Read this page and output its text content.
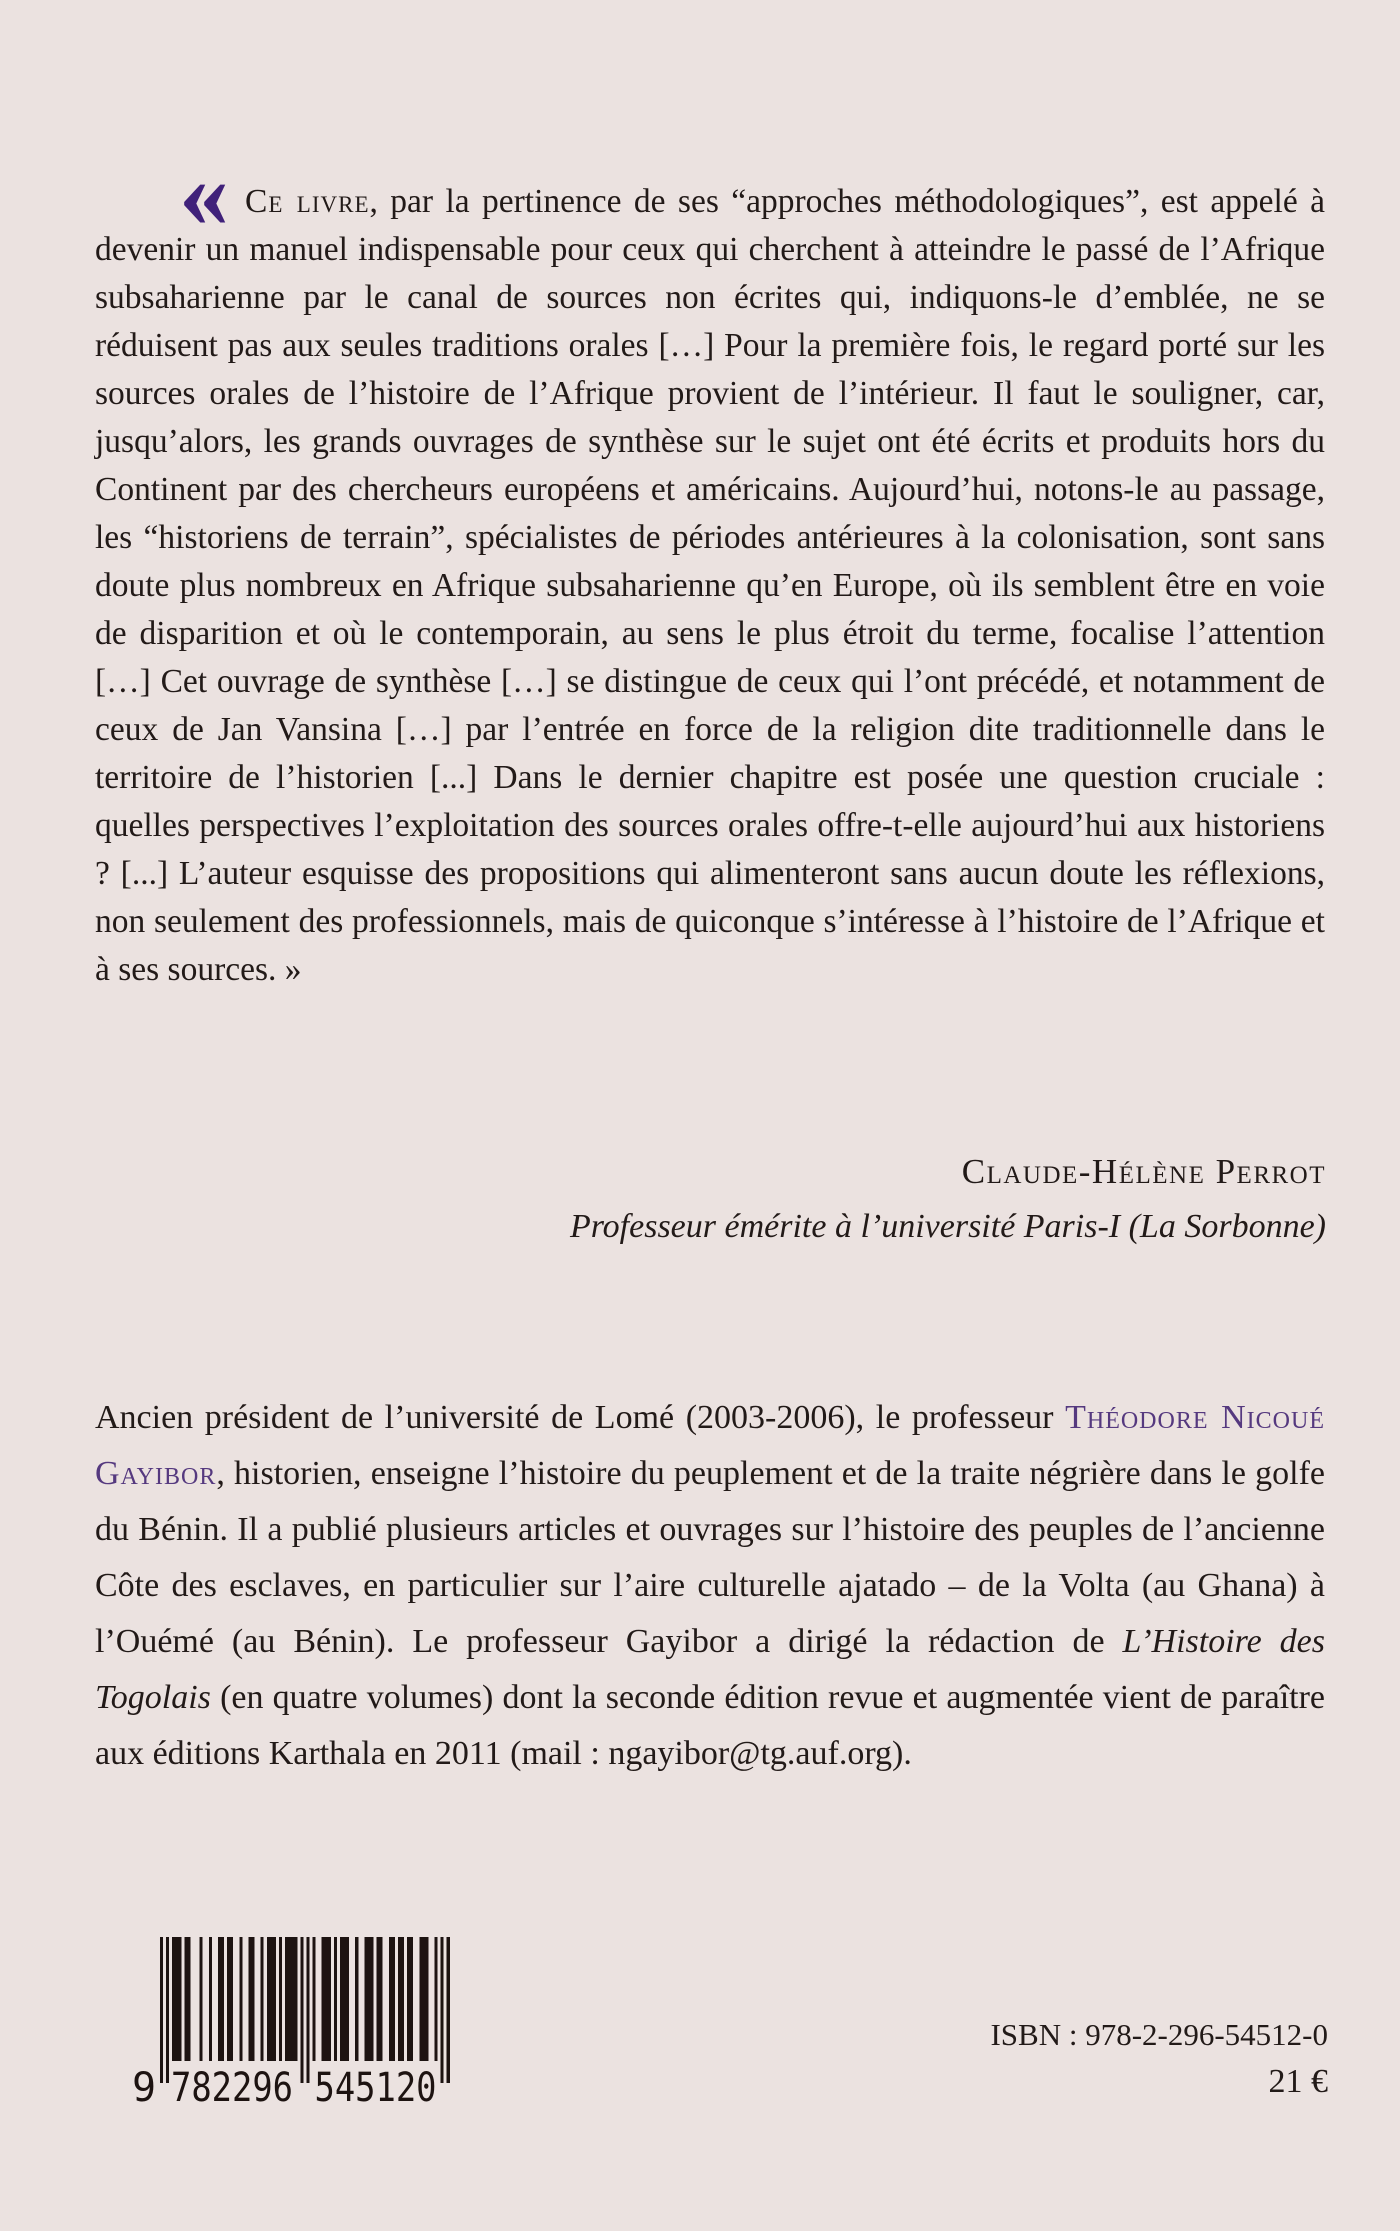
« Ce livre, par la pertinence de ses “approches méthodologiques”, est appelé à devenir un manuel indispensable pour ceux qui cherchent à atteindre le passé de l’Afrique subsaharienne par le canal de sources non écrites qui, indiquons-le d’emblée, ne se réduisent pas aux seules traditions orales […] Pour la première fois, le regard porté sur les sources orales de l’histoire de l’Afrique provient de l’intérieur. Il faut le souligner, car, jusqu’alors, les grands ouvrages de synthèse sur le sujet ont été écrits et produits hors du Continent par des chercheurs européens et américains. Aujourd’hui, notons-le au passage, les “historiens de terrain”, spécialistes de périodes antérieures à la colonisation, sont sans doute plus nombreux en Afrique subsaharienne qu’en Europe, où ils semblent être en voie de disparition et où le contemporain, au sens le plus étroit du terme, focalise l’attention […] Cet ouvrage de synthèse […] se distingue de ceux qui l’ont précédé, et notamment de ceux de Jan Vansina […] par l’entrée en force de la religion dite traditionnelle dans le territoire de l’historien [...] Dans le dernier chapitre est posée une question cruciale : quelles perspectives l’exploitation des sources orales offre-t-elle aujourd’hui aux historiens ? [...] L’auteur esquisse des propositions qui alimenteront sans aucun doute les réflexions, non seulement des professionnels, mais de quiconque s’intéresse à l’histoire de l’Afrique et à ses sources. »

Claude-Hélène Perrot
Professeur émérite à l’université Paris-I (La Sorbonne)

Ancien président de l’université de Lomé (2003-2006), le professeur Théodore Nicoué Gayibor, historien, enseigne l’histoire du peuplement et de la traite négrière dans le golfe du Bénin. Il a publié plusieurs articles et ouvrages sur l’histoire des peuples de l’ancienne Côte des esclaves, en particulier sur l’aire culturelle ajatado – de la Volta (au Ghana) à l’Ouémé (au Bénin). Le professeur Gayibor a dirigé la rédaction de L’Histoire des Togolais (en quatre volumes) dont la seconde édition revue et augmentée vient de paraître aux éditions Karthala en 2011 (mail : ngayibor@tg.auf.org).

9 782296 545120
ISBN : 978-2-296-54512-0
21 €
